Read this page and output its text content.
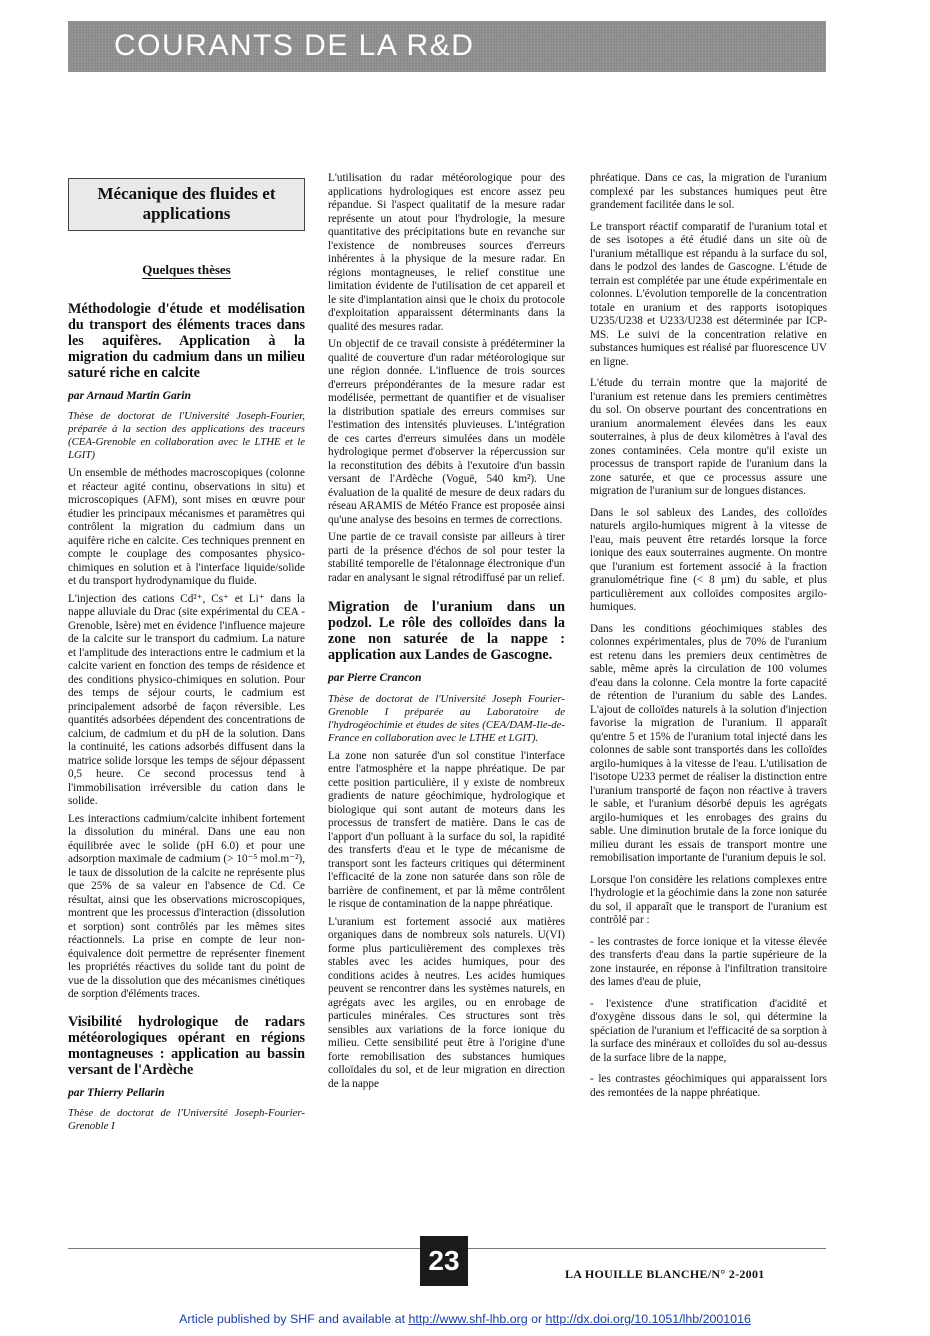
COURANTS DE LA R&D
Mécanique des fluides et applications
Quelques thèses
Méthodologie d'étude et modélisation du transport des éléments traces dans les aquifères. Application à la migration du cadmium dans un milieu saturé riche en calcite
par Arnaud Martin Garin
Thèse de doctorat de l'Université Joseph-Fourier, préparée à la section des applications des traceurs (CEA-Grenoble en collaboration avec le LTHE et le LGIT)

Un ensemble de méthodes macroscopiques (colonne et réacteur agité continu, observations in situ) et microscopiques (AFM), sont mises en œuvre pour étudier les principaux mécanismes et paramètres qui contrôlent la migration du cadmium dans un aquifère riche en calcite. Ces techniques prennent en compte le couplage des composantes physico-chimiques en solution et à l'interface liquide/solide et du transport hydrodynamique du fluide.

L'injection des cations Cd²⁺, Cs⁺ et Li⁺ dans la nappe alluviale du Drac (site expérimental du CEA - Grenoble, Isère) met en évidence l'influence majeure de la calcite sur le transport du cadmium. La nature et l'amplitude des interactions entre le cadmium et la calcite varient en fonction des temps de résidence et des conditions physico-chimiques en solution. Pour des temps de séjour courts, le cadmium est principalement adsorbé de façon réversible. Les quantités adsorbées dépendent des concentrations de calcium, de cadmium et du pH de la solution. Dans la continuité, les cations adsorbés diffusent dans la matrice solide lorsque les temps de séjour dépassent 0,5 heure. Ce second processus tend à l'immobilisation irréversible du cation dans le solide.

Les interactions cadmium/calcite inhibent fortement la dissolution du minéral. Dans une eau non équilibrée avec le solide (pH 6.0) et pour une adsorption maximale de cadmium (> 10⁻⁵ mol.m⁻²), le taux de dissolution de la calcite ne représente plus que 25% de sa valeur en l'absence de Cd. Ce résultat, ainsi que les observations microscopiques, montrent que les processus d'interaction (dissolution et sorption) sont contrôlés par les mêmes sites réactionnels. La prise en compte de leur non-équivalence doit permettre de représenter finement les propriétés réactives du solide tant du point de vue de la dissolution que des mécanismes cinétiques de sorption d'éléments traces.

Visibilité hydrologique de radars météorologiques opérant en régions montagneuses : application au bassin versant de l'Ardèche
par Thierry Pellarin
Thèse de doctorat de l'Université Joseph-Fourier-Grenoble I

L'utilisation du radar météorologique pour des applications hydrologiques est encore assez peu répandue. Si l'aspect qualitatif de la mesure radar représente un atout pour l'hydrologie, la mesure quantitative des précipitations bute en revanche sur l'existence de nombreuses sources d'erreurs inhérentes à la physique de la mesure radar. En régions montagneuses, le relief constitue une limitation évidente de l'utilisation de cet appareil et le site d'implantation ainsi que le choix du protocole d'exploitation apparaissent déterminants dans la qualité des mesures radar.

Un objectif de ce travail consiste à prédéterminer la qualité de couverture d'un radar météorologique sur une région donnée. L'influence de trois sources d'erreurs prépondérantes de la mesure radar est modélisée, permettant de quantifier et de visualiser la distribution spatiale des erreurs commises sur l'estimation des intensités pluvieuses. L'intégration de ces cartes d'erreurs simulées dans un modèle hydrologique permet d'observer la répercussion sur la reconstitution des débits à l'exutoire d'un bassin versant de l'Ardèche (Voguë, 540 km²). Une évaluation de la qualité de mesure de deux radars du réseau ARAMIS de Météo France est proposée ainsi qu'une analyse des besoins en termes de corrections.

Une partie de ce travail consiste par ailleurs à tirer parti de la présence d'échos de sol pour tester la stabilité temporelle de l'étalonnage électronique d'un radar en analysant le signal rétrodiffusé par un relief.

Migration de l'uranium dans un podzol. Le rôle des colloïdes dans la zone non saturée de la nappe : application aux Landes de Gascogne.
par Pierre Crancon
Thèse de doctorat de l'Université Joseph Fourier-Grenoble I préparée au Laboratoire de l'hydrogéochimie et études de sites (CEA/DAM-Ile-de-France en collaboration avec le LTHE et LGIT).

La zone non saturée d'un sol constitue l'interface entre l'atmosphère et la nappe phréatique. De par cette position particulière, il y existe de nombreux gradients de nature géochimique, hydrologique et biologique qui sont autant de moteurs dans les processus de transfert de matière. Dans le cas de l'apport d'un polluant à la surface du sol, la rapidité des transferts d'eau et le type de mécanisme de transport sont les facteurs critiques qui déterminent l'efficacité de la zone non saturée dans son rôle de barrière de confinement, et par là même contrôlent le risque de contamination de la nappe phréatique.

L'uranium est fortement associé aux matières organiques dans de nombreux sols naturels. U(VI) forme plus particulièrement des complexes très stables avec les acides humiques, pour des conditions acides à neutres. Les acides humiques peuvent se rencontrer dans les systèmes naturels, en agrégats avec les argiles, ou en enrobage de particules minérales. Ces structures sont très sensibles aux variations de la force ionique du milieu. Cette sensibilité peut être à l'origine d'une forte remobilisation des substances humiques colloïdales du sol, et de leur migration en direction de la nappe

phréatique. Dans ce cas, la migration de l'uranium complexé par les substances humiques peut être grandement facilitée dans le sol.

Le transport réactif comparatif de l'uranium total et de ses isotopes a été étudié dans un site où de l'uranium métallique est répandu à la surface du sol, dans le podzol des landes de Gascogne. L'étude de terrain est complétée par une étude expérimentale en colonnes. L'évolution temporelle de la concentration totale en uranium et des rapports isotopiques U235/U238 et U233/U238 est déterminée par ICP-MS. Le suivi de la concentration relative en substances humiques est réalisé par fluorescence UV en ligne.

L'étude du terrain montre que la majorité de l'uranium est retenue dans les premiers centimètres du sol. On observe pourtant des concentrations en uranium anormalement élevées dans les eaux souterraines, à plus de deux kilomètres à l'aval des zones contaminées. Cela montre qu'il existe un processus de transport rapide de l'uranium dans la zone saturée, et que ce processus assure une migration de l'uranium sur de longues distances.

Dans le sol sableux des Landes, des colloïdes naturels argilo-humiques migrent à la vitesse de l'eau, mais peuvent être retardés lorsque la force ionique des eaux souterraines augmente. On montre que l'uranium est fortement associé à la fraction granulométrique fine (< 8 µm) du sable, et plus particulièrement aux colloïdes composites argilo-humiques.

Dans les conditions géochimiques stables des colonnes expérimentales, plus de 70% de l'uranium est retenu dans les premiers deux centimètres de sable, même après la circulation de 100 volumes d'eau dans la colonne. Cela montre la forte capacité de rétention de l'uranium du sable des Landes. L'ajout de colloïdes naturels à la solution d'injection favorise la migration de l'uranium. Il apparaît qu'entre 5 et 15% de l'uranium total injecté dans les colonnes de sable sont transportés dans les colloïdes argilo-humiques à la vitesse de l'eau. L'utilisation de l'isotope U233 permet de réaliser la distinction entre l'uranium transporté de façon non réactive à travers le sable, et l'uranium désorbé depuis les agrégats argilo-humiques et les enrobages des grains du sable. Une diminution brutale de la force ionique du milieu durant les essais de transport montre une remobilisation importante de l'uranium depuis le sol.

Lorsque l'on considère les relations complexes entre l'hydrologie et la géochimie dans la zone non saturée du sol, il apparaît que le transport de l'uranium est contrôlé par :

- les contrastes de force ionique et la vitesse élevée des transferts d'eau dans la partie supérieure de la zone instaurée, en réponse à l'infiltration transitoire des lames d'eau de pluie,

- l'existence d'une stratification d'acidité et d'oxygène dissous dans le sol, qui détermine la spéciation de l'uranium et l'efficacité de sa sorption à la surface des minéraux et colloïdes du sol au-dessus de la surface libre de la nappe,

- les contrastes géochimiques qui apparaissent lors des remontées de la nappe phréatique.

23	LA HOUILLE BLANCHE/N° 2-2001
Article published by SHF and available at http://www.shf-lhb.org or http://dx.doi.org/10.1051/lhb/2001016
